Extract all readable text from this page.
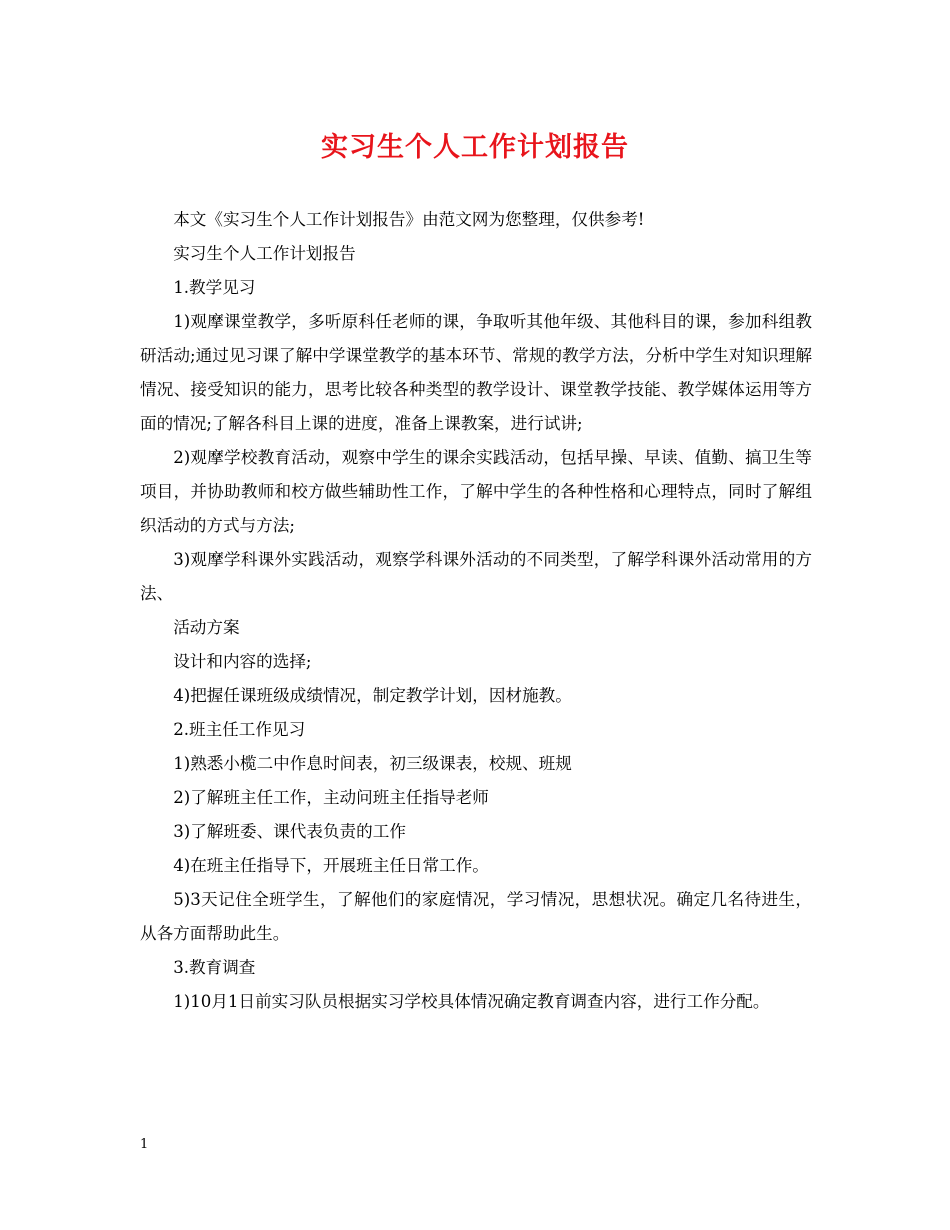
实习生个人工作计划报告

本文《实习生个人工作计划报告》由范文网为您整理，仅供参考!

实习生个人工作计划报告

1.教学见习

1)观摩课堂教学，多听原科任老师的课，争取听其他年级、其他科目的课，参加科组教研活动;通过见习课了解中学课堂教学的基本环节、常规的教学方法，分析中学生对知识理解情况、接受知识的能力，思考比较各种类型的教学设计、课堂教学技能、教学媒体运用等方面的情况;了解各科目上课的进度，准备上课教案，进行试讲;

2)观摩学校教育活动，观察中学生的课余实践活动，包括早操、早读、值勤、搞卫生等项目，并协助教师和校方做些辅助性工作，了解中学生的各种性格和心理特点，同时了解组织活动的方式与方法;

3)观摩学科课外实践活动，观察学科课外活动的不同类型，了解学科课外活动常用的方法、

活动方案

设计和内容的选择;

4)把握任课班级成绩情况，制定教学计划，因材施教。

2.班主任工作见习

1)熟悉小榄二中作息时间表，初三级课表，校规、班规

2)了解班主任工作，主动问班主任指导老师

3)了解班委、课代表负责的工作

4)在班主任指导下，开展班主任日常工作。

5)3天记住全班学生，了解他们的家庭情况，学习情况，思想状况。确定几名待进生，从各方面帮助此生。

3.教育调查

1)10月1日前实习队员根据实习学校具体情况确定教育调查内容，进行工作分配。

1
